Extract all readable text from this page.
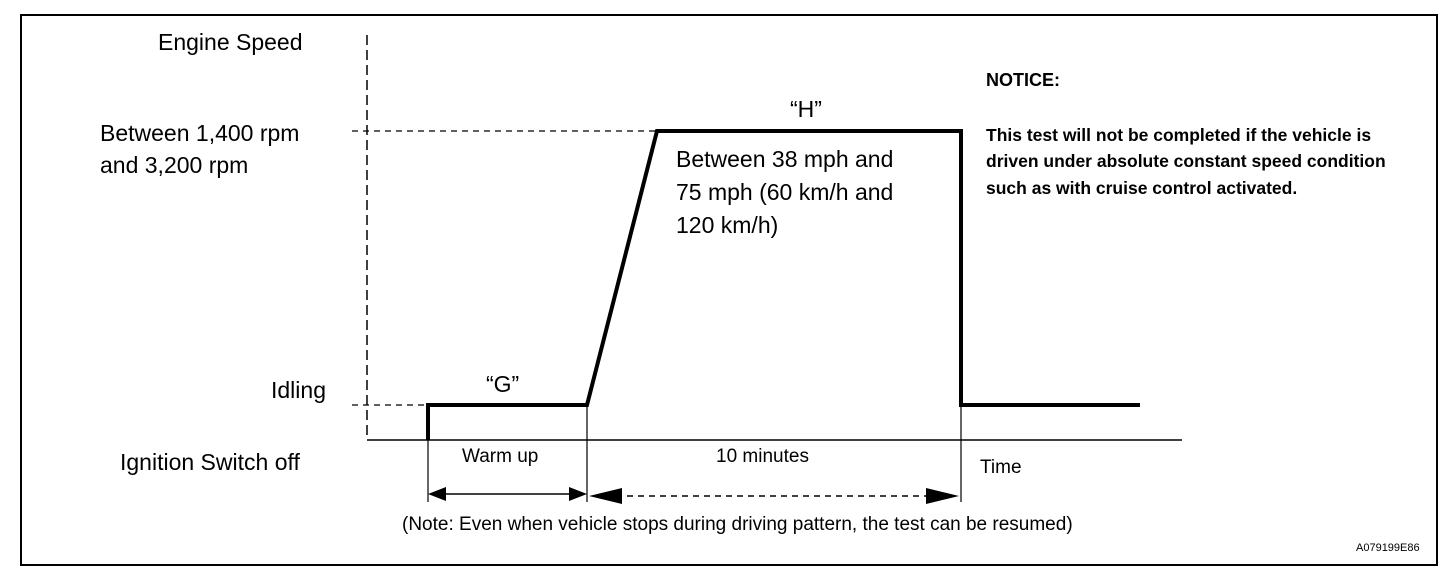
Engine Speed
Between 1,400 rpm
and 3,200 rpm
Idling
Ignition Switch off
“G”
“H”
Between 38 mph and
75 mph (60 km/h and
120 km/h)
Warm up	10 minutes
Time
(Note: Even when vehicle stops during driving pattern, the test can be resumed)
A079199E86
NOTICE:
This test will not be completed if the vehicle is driven under absolute constant speed condition such as with cruise control activated.
